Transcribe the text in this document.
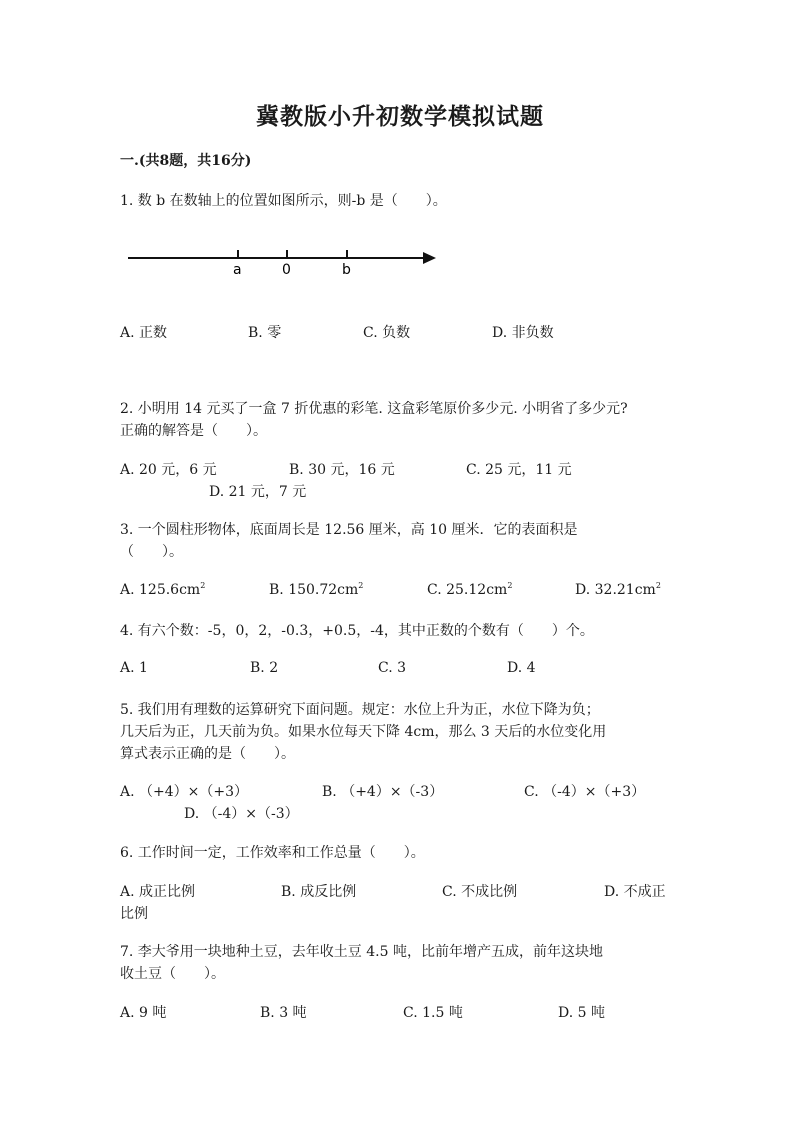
冀教版小升初数学模拟试题
一.(共8题，共16分)
1. 数 b 在数轴上的位置如图所示，则-b 是（　　）。
a	0	b
A. 正数	B. 零	C. 负数	D. 非负数
2. 小明用 14 元买了一盒 7 折优惠的彩笔. 这盒彩笔原价多少元. 小明省了多少元?
正确的解答是（　　）。
A. 20 元，6 元	B. 30 元，16 元	C. 25 元，11 元
D. 21 元，7 元
3. 一个圆柱形物体，底面周长是 12.56 厘米，高 10 厘米．它的表面积是
（　　）。
A. $125.6cm^2$	B. $150.72cm^2$	C. $25.12cm^2$	D. $32.21cm^2$
4. 有六个数：-5，0，2，-0.3，+0.5，-4，其中正数的个数有（　　）个。
A. 1	B. 2	C. 3	D. 4
5. 我们用有理数的运算研究下面问题。规定：水位上升为正，水位下降为负；
几天后为正，几天前为负。如果水位每天下降 4cm，那么 3 天后的水位变化用
算式表示正确的是（　　）。
A. （+4）×（+3）	B. （+4）×（-3）	C. （-4）×（+3）
D. （-4）×（-3）
6. 工作时间一定，工作效率和工作总量（　　）。
A. 成正比例	B. 成反比例	C. 不成比例	D. 不成正
比例
7. 李大爷用一块地种土豆，去年收土豆 4.5 吨，比前年增产五成，前年这块地
收土豆（　　）。
A. 9 吨	B. 3 吨	C. 1.5 吨	D. 5 吨
